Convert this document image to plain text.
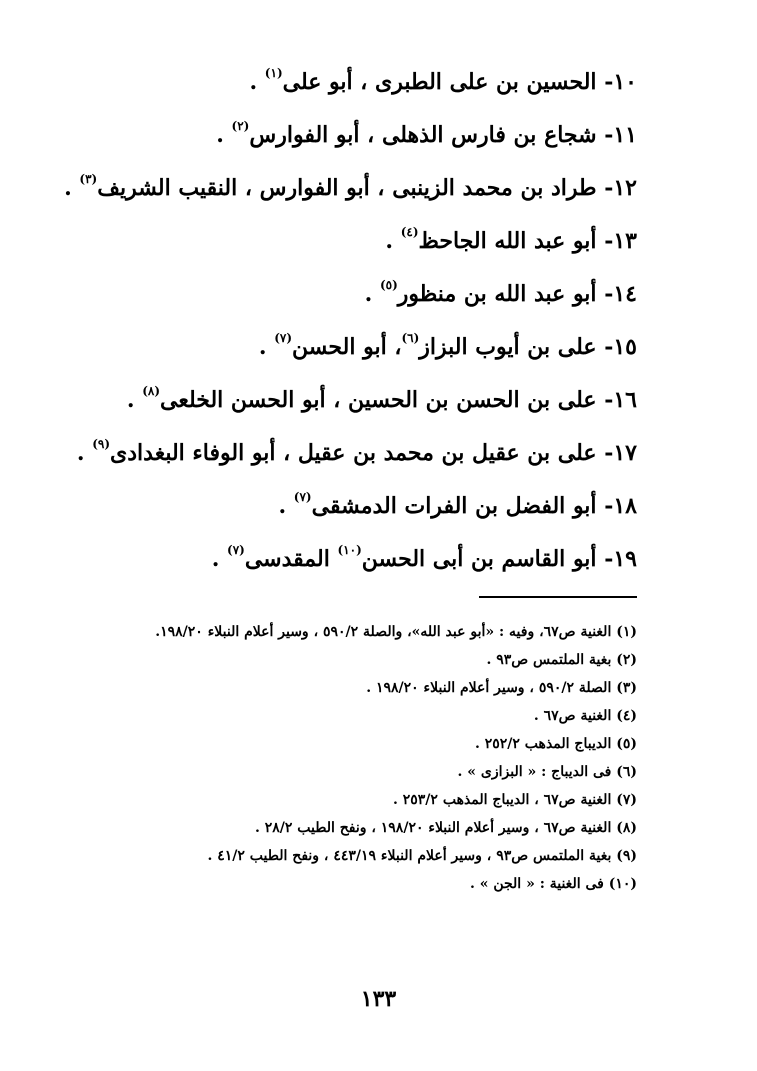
١٠- الحسين بن على الطبرى ، أبو على$^{(١)}$ .
١١- شجاع بن فارس الذهلى ، أبو الفوارس$^{(٢)}$ .
١٢- طراد بن محمد الزينبى ، أبو الفوارس ، النقيب الشريف$^{(٣)}$ .
١٣- أبو عبد الله الجاحظ$^{(٤)}$ .
١٤- أبو عبد الله بن منظور$^{(٥)}$ .
١٥- على بن أيوب البزاز$^{(٦)}$، أبو الحسن$^{(٧)}$ .
١٦- على بن الحسن بن الحسين ، أبو الحسن الخلعى$^{(٨)}$ .
١٧- على بن عقيل بن محمد بن عقيل ، أبو الوفاء البغدادى$^{(٩)}$ .
١٨- أبو الفضل بن الفرات الدمشقى$^{(٧)}$ .
١٩- أبو القاسم بن أبى الحسن$^{(١٠)}$ المقدسى$^{(٧)}$ .
(١) الغنية ص٦٧، وفيه : «أبو عبد الله»، والصلة ٥٩٠/٢ ، وسير أعلام النبلاء ١٩٨/٢٠.
(٢) بغية الملتمس ص٩٣ .
(٣) الصلة ٥٩٠/٢ ، وسير أعلام النبلاء ١٩٨/٢٠ .
(٤) الغنية ص٦٧ .
(٥) الديباج المذهب ٢٥٢/٢ .
(٦) فى الديباج : « البزازى » .
(٧) الغنية ص٦٧ ، الديباج المذهب ٢٥٣/٢ .
(٨) الغنية ص٦٧ ، وسير أعلام النبلاء ١٩٨/٢٠ ، ونفح الطيب ٢٨/٢ .
(٩) بغية الملتمس ص٩٣ ، وسير أعلام النبلاء ٤٤٣/١٩ ، ونفح الطيب ٤١/٢ .
(١٠) فى الغنية : « الجن » .
١٣٣
